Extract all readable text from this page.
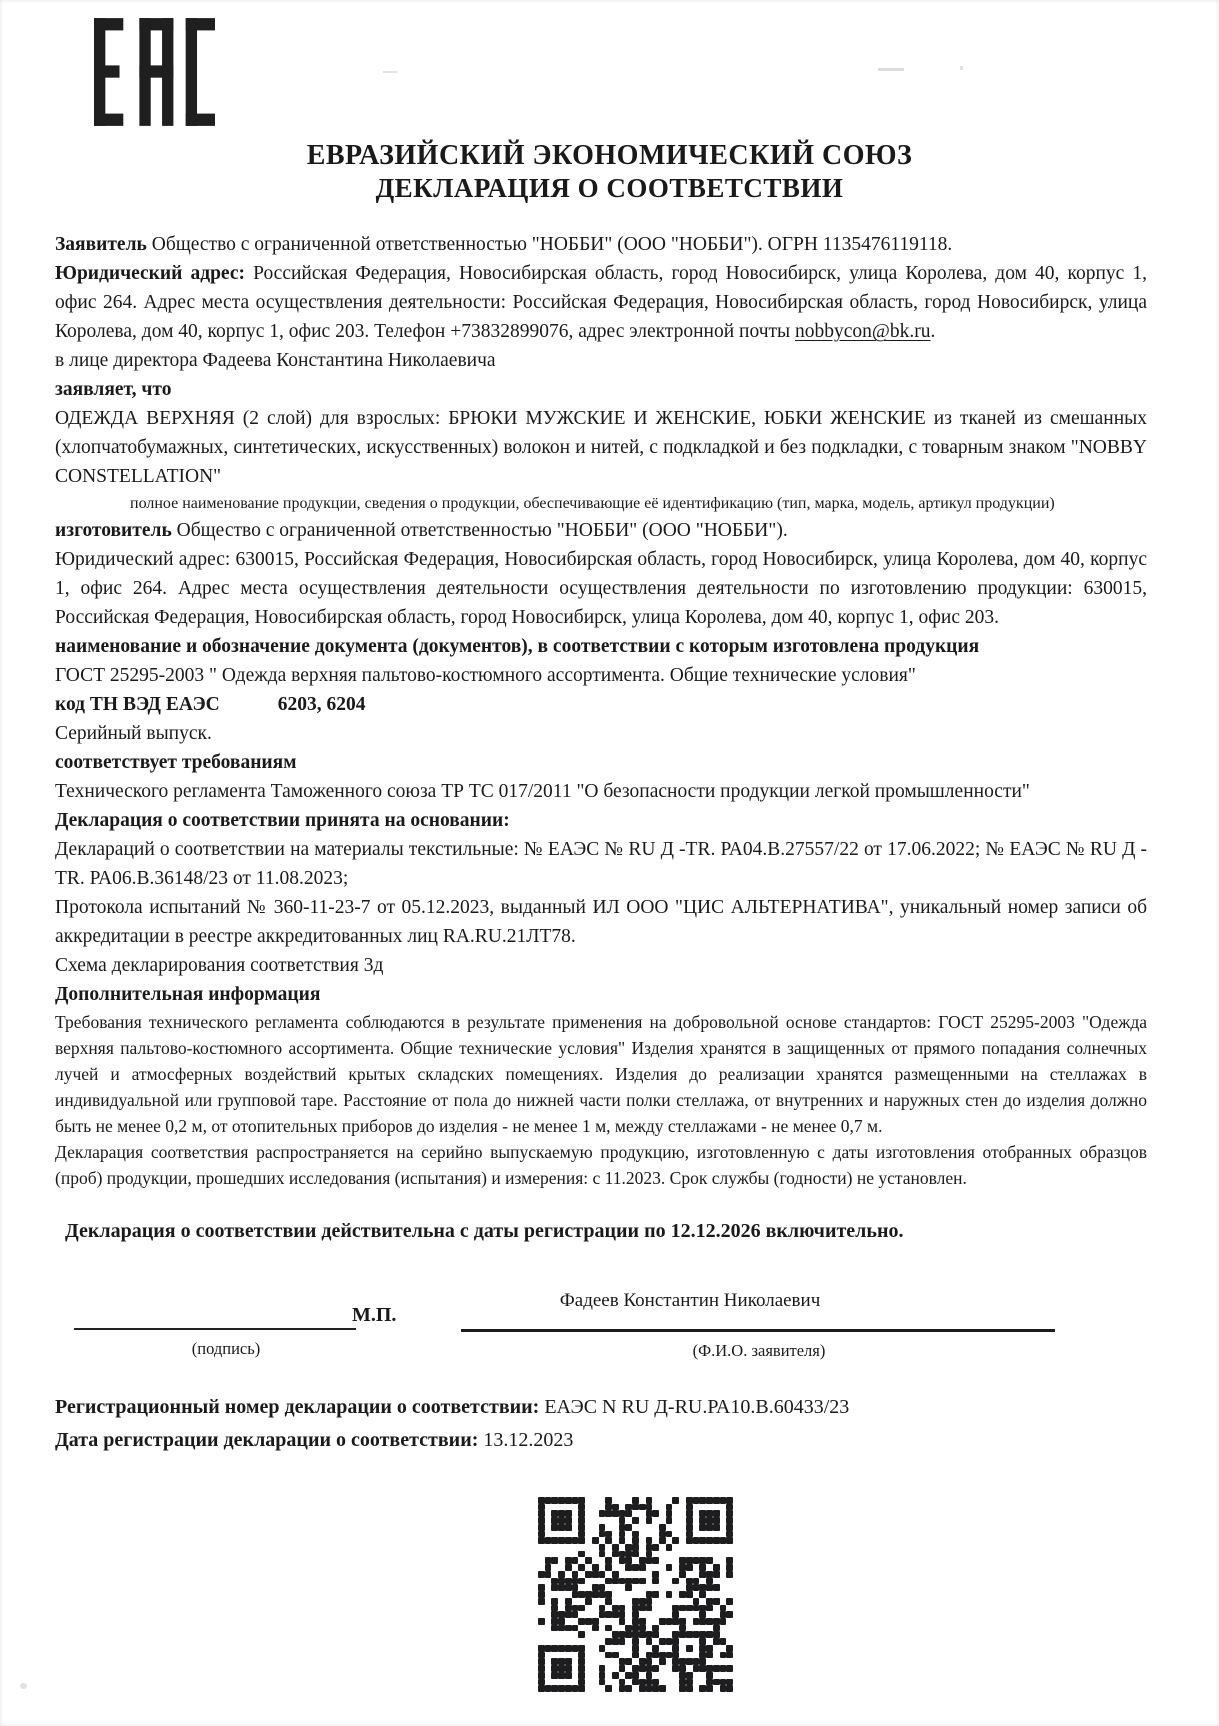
ЕВРАЗИЙСКИЙ ЭКОНОМИЧЕСКИЙ СОЮЗ
ДЕКЛАРАЦИЯ О СООТВЕТСТВИИ

Заявитель Общество с ограниченной ответственностью "НОББИ" (ООО "НОББИ"). ОГРН 1135476119118.

Юридический адрес: Российская Федерация, Новосибирская область, город Новосибирск, улица Королева, дом 40, корпус 1, офис 264. Адрес места осуществления деятельности: Российская Федерация, Новосибирская область, город Новосибирск, улица Королева, дом 40, корпус 1, офис 203. Телефон +73832899076, адрес электронной почты nobbycon@bk.ru.

в лице директора Фадеева Константина Николаевича

заявляет, что

ОДЕЖДА ВЕРХНЯЯ (2 слой) для взрослых: БРЮКИ МУЖСКИЕ И ЖЕНСКИЕ, ЮБКИ ЖЕНСКИЕ из тканей из смешанных (хлопчатобумажных, синтетических, искусственных) волокон и нитей, с подкладкой и без подкладки, с товарным знаком "NOBBY CONSTELLATION"

полное наименование продукции, сведения о продукции, обеспечивающие её идентификацию (тип, марка, модель, артикул продукции)

изготовитель Общество с ограниченной ответственностью "НОББИ" (ООО "НОББИ").

Юридический адрес: 630015, Российская Федерация, Новосибирская область, город Новосибирск, улица Королева, дом 40, корпус 1, офис 264. Адрес места осуществления деятельности осуществления деятельности по изготовлению продукции: 630015, Российская Федерация, Новосибирская область, город Новосибирск, улица Королева, дом 40, корпус 1, офис 203.

наименование и обозначение документа (документов), в соответствии с которым изготовлена продукция

ГОСТ 25295-2003 " Одежда верхняя пальтово-костюмного ассортимента. Общие технические условия"

код ТН ВЭД ЕАЭС	6203, 6204

Серийный выпуск.

соответствует требованиям

Технического регламента Таможенного союза ТР ТС 017/2011 "О безопасности продукции легкой промышленности"

Декларация о соответствии принята на основании:

Деклараций о соответствии на материалы текстильные: № ЕАЭС № RU Д -TR. РА04.В.27557/22 от 17.06.2022; № ЕАЭС № RU Д -TR. РА06.В.36148/23 от 11.08.2023;

Протокола испытаний № 360-11-23-7 от 05.12.2023, выданный ИЛ ООО "ЦИС АЛЬТЕРНАТИВА", уникальный номер записи об аккредитации в реестре аккредитованных лиц RA.RU.21ЛТ78.

Схема декларирования соответствия 3д

Дополнительная информация

Требования технического регламента соблюдаются в результате применения на добровольной основе стандартов: ГОСТ 25295-2003 "Одежда верхняя пальтово-костюмного ассортимента. Общие технические условия" Изделия хранятся в защищенных от прямого попадания солнечных лучей и атмосферных воздействий крытых складских помещениях. Изделия до реализации хранятся размещенными на стеллажах в индивидуальной или групповой таре. Расстояние от пола до нижней части полки стеллажа, от внутренних и наружных стен до изделия должно быть не менее 0,2 м, от отопительных приборов до изделия - не менее 1 м, между стеллажами - не менее 0,7 м.

Декларация соответствия распространяется на серийно выпускаемую продукцию, изготовленную с даты изготовления отобранных образцов (проб) продукции, прошедших исследования (испытания) и измерения: с 11.2023. Срок службы (годности) не установлен.

Декларация о соответствии действительна с даты регистрации по 12.12.2026 включительно.

Фадеев Константин Николаевич
М.П.
(подпись)	(Ф.И.О. заявителя)

Регистрационный номер декларации о соответствии: ЕАЭС N RU Д-RU.РА10.В.60433/23
Дата регистрации декларации о соответствии: 13.12.2023
